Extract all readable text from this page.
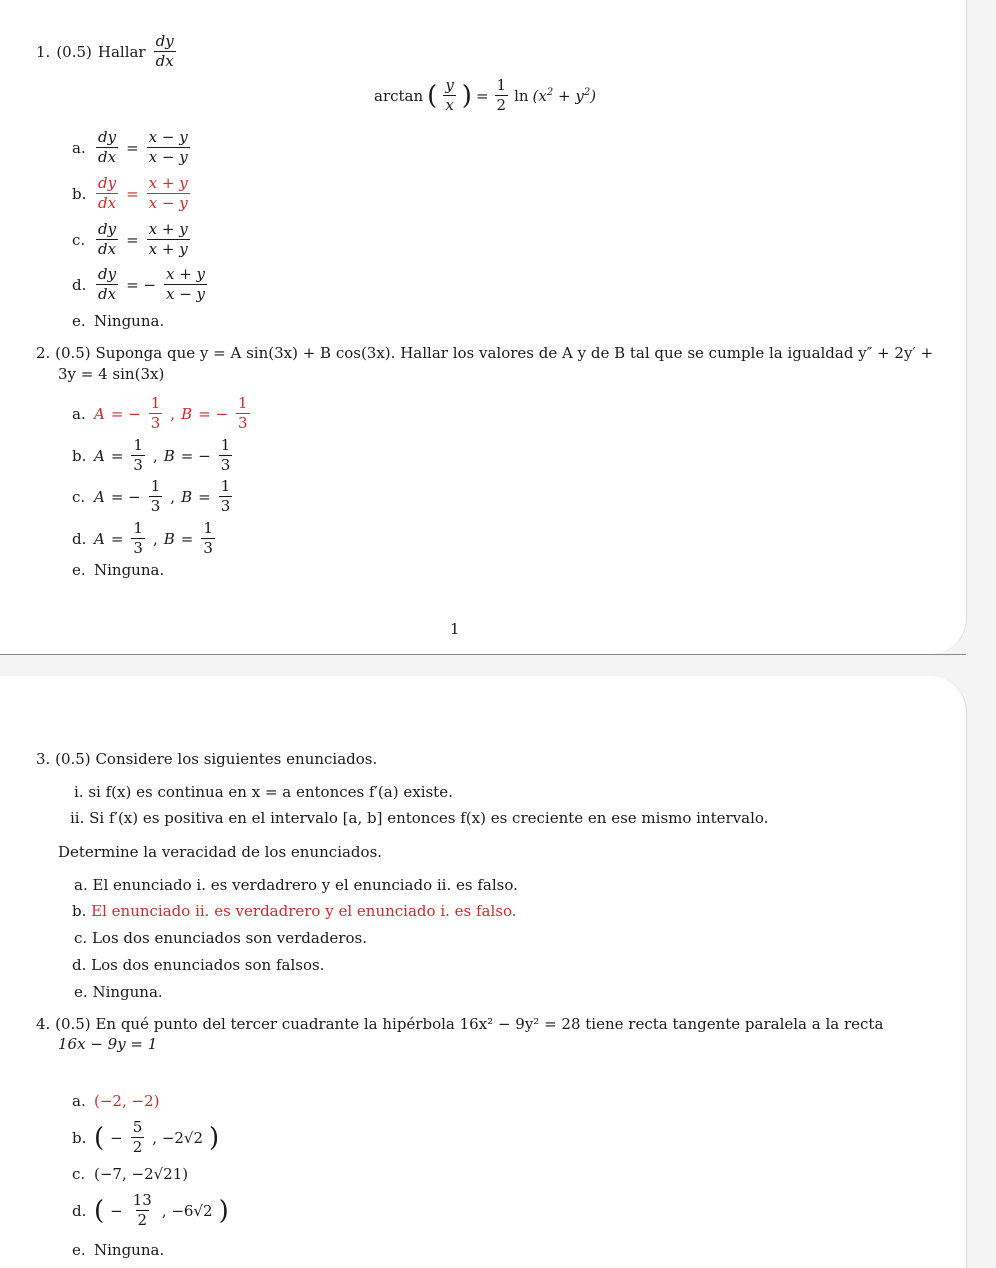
1. (0.5) Hallar $\frac{dy}{dx}$
arctan ( $\frac{y}{x}$ ) = $\frac{1}{2}$ $\ln (x^2 + y^2)$
a. $\frac{dy}{dx} = \frac{x - y}{x - y}$
b. $\frac{dy}{dx} = \frac{x + y}{x - y}$
c. $\frac{dy}{dx} = \frac{x + y}{x + y}$
d. $\frac{dy}{dx}$ = − $\frac{x + y}{x - y}$
e. Ninguna.
2. (0.5) Suponga que y = A sin(3x) + B cos(3x). Hallar los valores de A y de B tal que se cumple la igualdad y″ + 2y′ +
3y = 4 sin(3x)
a. A = − $\frac{1}{3}$ , B = − $\frac{1}{3}$
b. $A = \frac{1}{3}$ , B = − $\frac{1}{3}$
c. A = − $\frac{1}{3}$ , $B = \frac{1}{3}$
d. $A = \frac{1}{3}$ , $B = \frac{1}{3}$
e. Ninguna.
1
3. (0.5) Considere los siguientes enunciados.
i. si f(x) es continua en x = a entonces f′(a) existe.
ii. Si f′(x) es positiva en el intervalo [a, b] entonces f(x) es creciente en ese mismo intervalo.
Determine la veracidad de los enunciados.
a. El enunciado i. es verdadrero y el enunciado ii. es falso.
b. El enunciado ii. es verdadrero y el enunciado i. es falso.
c. Los dos enunciados son verdaderos.
d. Los dos enunciados son falsos.
e. Ninguna.
4. (0.5) En qué punto del tercer cuadrante la hipérbola 16x² − 9y² = 28 tiene recta tangente paralela a la recta
16x − 9y = 1
a. (−2, −2)
b. ( − $\frac{5}{2}$ , −2√2 )
c. (−7, −2√21)
d. ( − $\frac{13}{2}$ , −6√2 )
e. Ninguna.
